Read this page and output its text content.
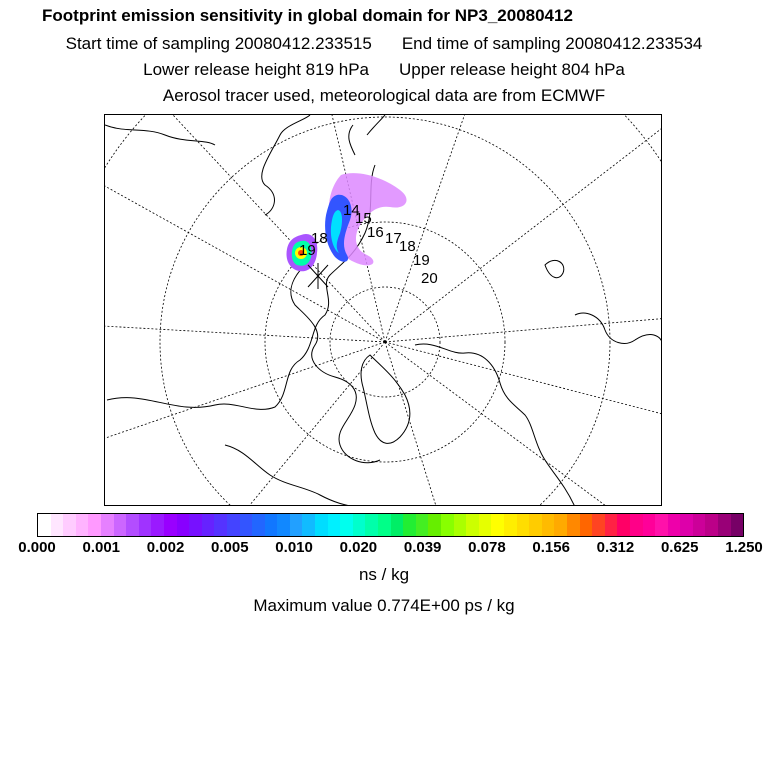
Footprint emission sensitivity in global domain for NP3_20080412
Start time of sampling 20080412.233515 End time of sampling 20080412.233534
Lower release height 819 hPa Upper release height 804 hPa
Aerosol tracer used, meteorological data are from ECMWF
14
15
16 17
18
19
20
18
19
0.000 0.001 0.002 0.005 0.010 0.020 0.039 0.078 0.156 0.312 0.625 1.250
ns / kg
Maximum value 0.774E+00 ps / kg
